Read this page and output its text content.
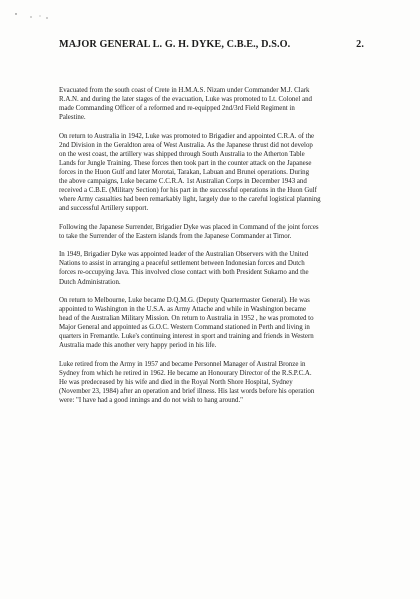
MAJOR GENERAL L. G. H. DYKE, C.B.E., D.S.O.	2.

Evacuated from the south coast of Crete in H.M.A.S. Nizam under Commander M.J. Clark
R.A.N. and during the later stages of the evacuation, Luke was promoted to Lt. Colonel and
made Commanding Officer of a reformed and re-equipped 2nd/3rd Field Regiment in
Palestine.

On return to Australia in 1942, Luke was promoted to Brigadier and appointed C.R.A. of the
2nd Division in the Geraldton area of West Australia. As the Japanese thrust did not develop
on the west coast, the artillery was shipped through South Australia to the Atherton Table
Lands for Jungle Training. These forces then took part in the counter attack on the Japanese
forces in the Huon Gulf and later Morotai, Tarakan, Labuan and Brunei operations. During
the above campaigns, Luke became C.C.R.A. 1st Australian Corps in December 1943 and
received a C.B.E. (Military Section) for his part in the successful operations in the Huon Gulf
where Army casualties had been remarkably light, largely due to the careful logistical planning
and successful Artillery support.

Following the Japanese Surrender, Brigadier Dyke was placed in Command of the joint forces
to take the Surrender of the Eastern islands from the Japanese Commander at Timor.

In 1949, Brigadier Dyke was appointed leader of the Australian Observers with the United
Nations to assist in arranging a peaceful settlement between Indonesian forces and Dutch
forces re-occupying Java. This involved close contact with both President Sukarno and the
Dutch Administration.

On return to Melbourne, Luke became D.Q.M.G. (Deputy Quartermaster General). He was
appointed to Washington in the U.S.A. as Army Attache and while in Washington became
head of the Australian Military Mission. On return to Australia in 1952 , he was promoted to
Major General and appointed as G.O.C. Western Command stationed in Perth and living in
quarters in Fremantle. Luke's continuing interest in sport and training and friends in Western
Australia made this another very happy period in his life.

Luke retired from the Army in 1957 and became Personnel Manager of Austral Bronze in
Sydney from which he retired in 1962. He became an Honourary Director of the R.S.P.C.A.
He was predeceased by his wife and died in the Royal North Shore Hospital, Sydney
(November 23, 1984) after an operation and brief illness. His last words before his operation
were: "I have had a good innings and do not wish to hang around."
